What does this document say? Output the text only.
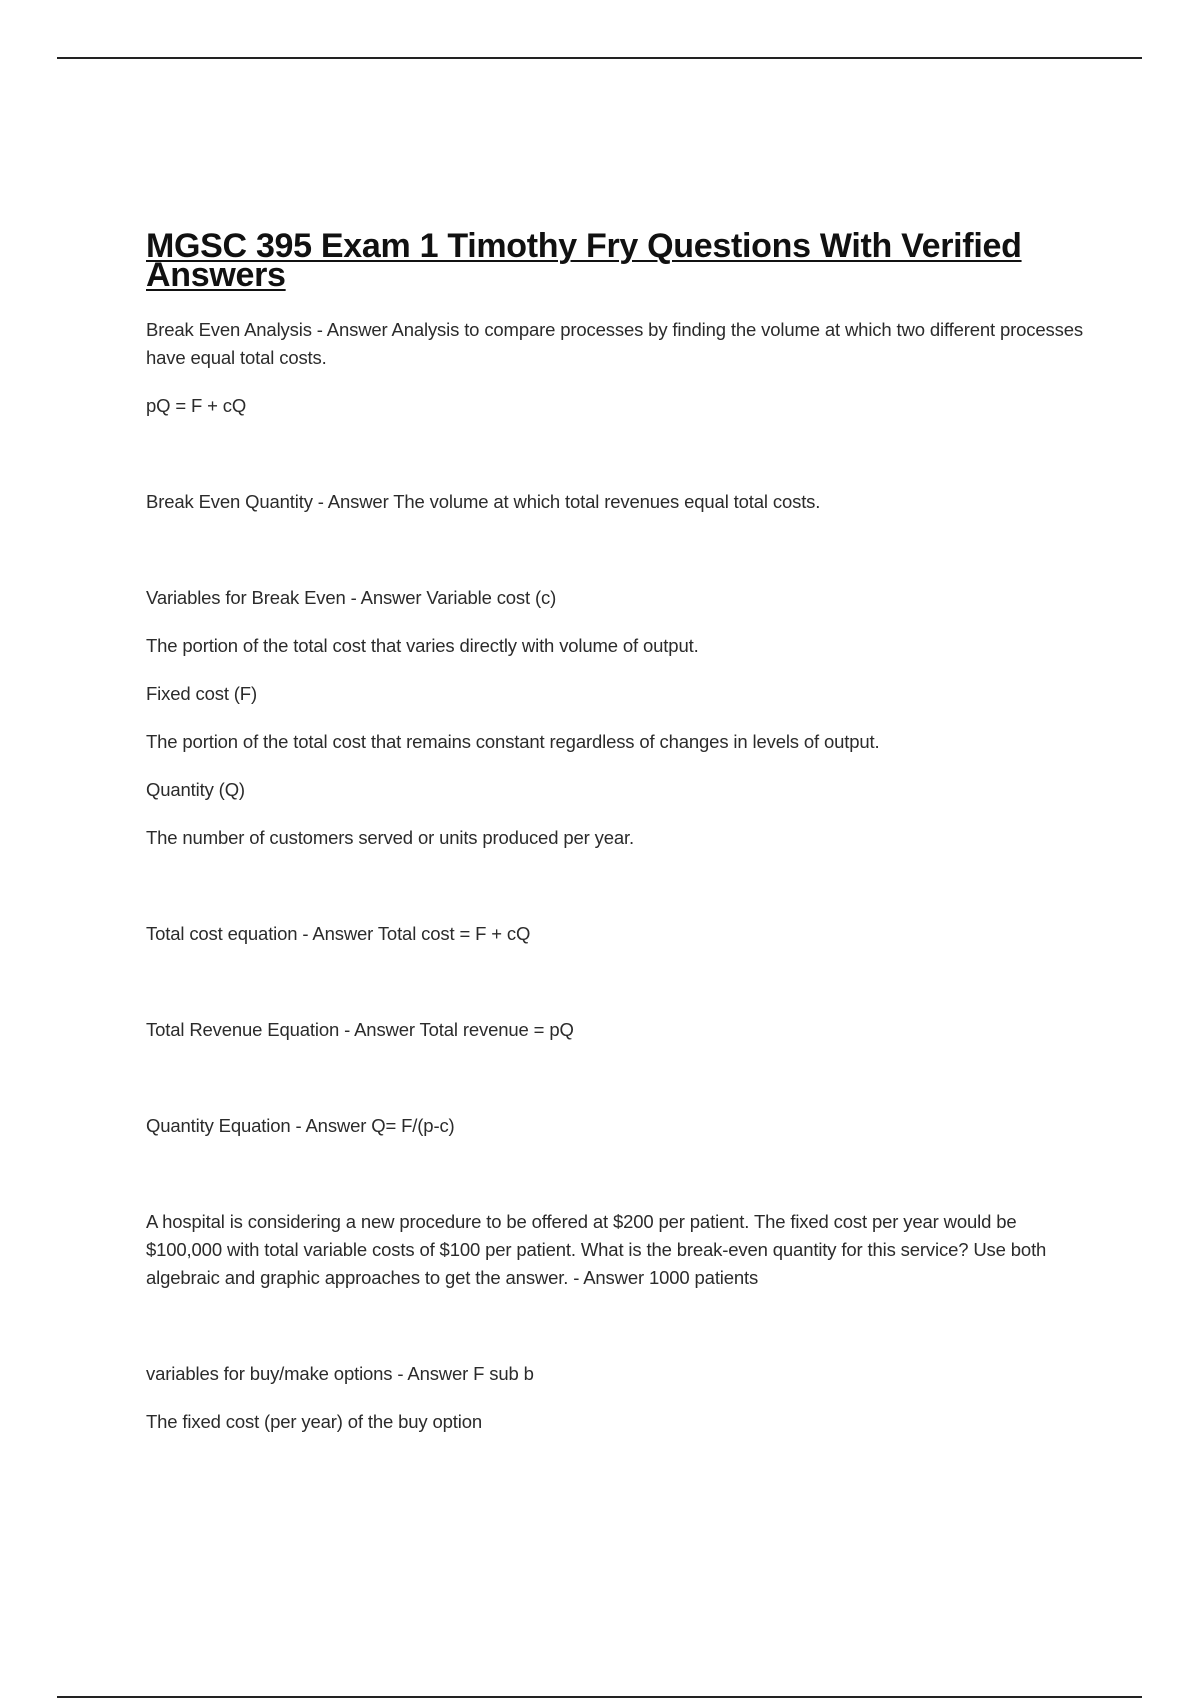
MGSC 395 Exam 1 Timothy Fry Questions With Verified Answers

Break Even Analysis - Answer Analysis to compare processes by finding the volume at which two different processes have equal total costs.

pQ = F + cQ

Break Even Quantity - Answer The volume at which total revenues equal total costs.

Variables for Break Even - Answer Variable cost (c)

The portion of the total cost that varies directly with volume of output.

Fixed cost (F)

The portion of the total cost that remains constant regardless of changes in levels of output.

Quantity (Q)

The number of customers served or units produced per year.

Total cost equation - Answer Total cost = F + cQ

Total Revenue Equation - Answer Total revenue = pQ

Quantity Equation - Answer Q= F/(p-c)

A hospital is considering a new procedure to be offered at $200 per patient. The fixed cost per year would be $100,000 with total variable costs of $100 per patient. What is the break-even quantity for this service? Use both algebraic and graphic approaches to get the answer. - Answer 1000 patients

variables for buy/make options - Answer F sub b

The fixed cost (per year) of the buy option
